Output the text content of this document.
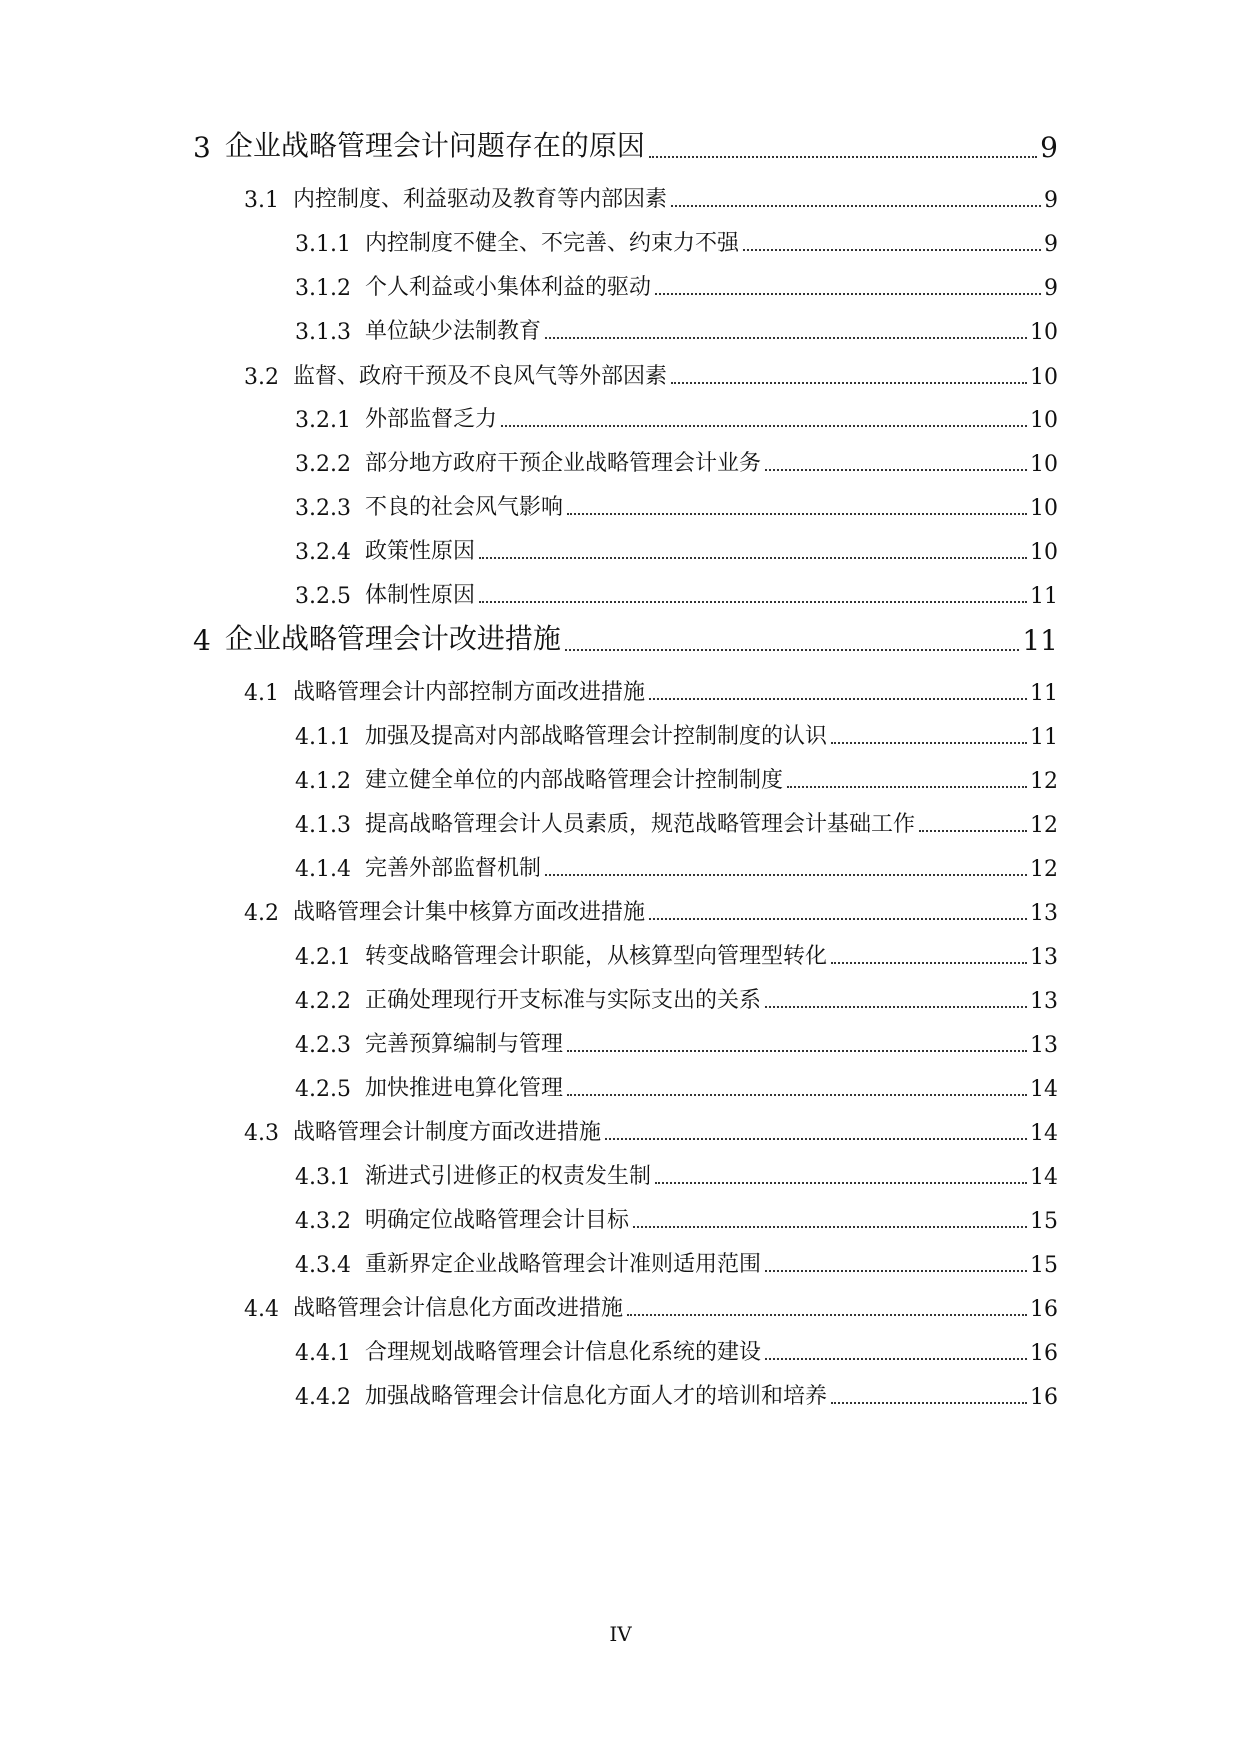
3 企业战略管理会计问题存在的原因	9
3.1 内控制度、利益驱动及教育等内部因素	9
3.1.1 内控制度不健全、不完善、约束力不强	9
3.1.2 个人利益或小集体利益的驱动	9
3.1.3 单位缺少法制教育	10
3.2 监督、政府干预及不良风气等外部因素	10
3.2.1 外部监督乏力	10
3.2.2 部分地方政府干预企业战略管理会计业务	10
3.2.3 不良的社会风气影响	10
3.2.4 政策性原因	10
3.2.5 体制性原因	11
4 企业战略管理会计改进措施	11
4.1 战略管理会计内部控制方面改进措施	11
4.1.1 加强及提高对内部战略管理会计控制制度的认识	11
4.1.2 建立健全单位的内部战略管理会计控制制度	12
4.1.3 提高战略管理会计人员素质，规范战略管理会计基础工作	12
4.1.4 完善外部监督机制	12
4.2 战略管理会计集中核算方面改进措施	13
4.2.1 转变战略管理会计职能，从核算型向管理型转化	13
4.2.2 正确处理现行开支标准与实际支出的关系	13
4.2.3 完善预算编制与管理	13
4.2.5 加快推进电算化管理	14
4.3 战略管理会计制度方面改进措施	14
4.3.1 渐进式引进修正的权责发生制	14
4.3.2 明确定位战略管理会计目标	15
4.3.4 重新界定企业战略管理会计准则适用范围	15
4.4 战略管理会计信息化方面改进措施	16
4.4.1 合理规划战略管理会计信息化系统的建设	16
4.4.2 加强战略管理会计信息化方面人才的培训和培养	16
IV
